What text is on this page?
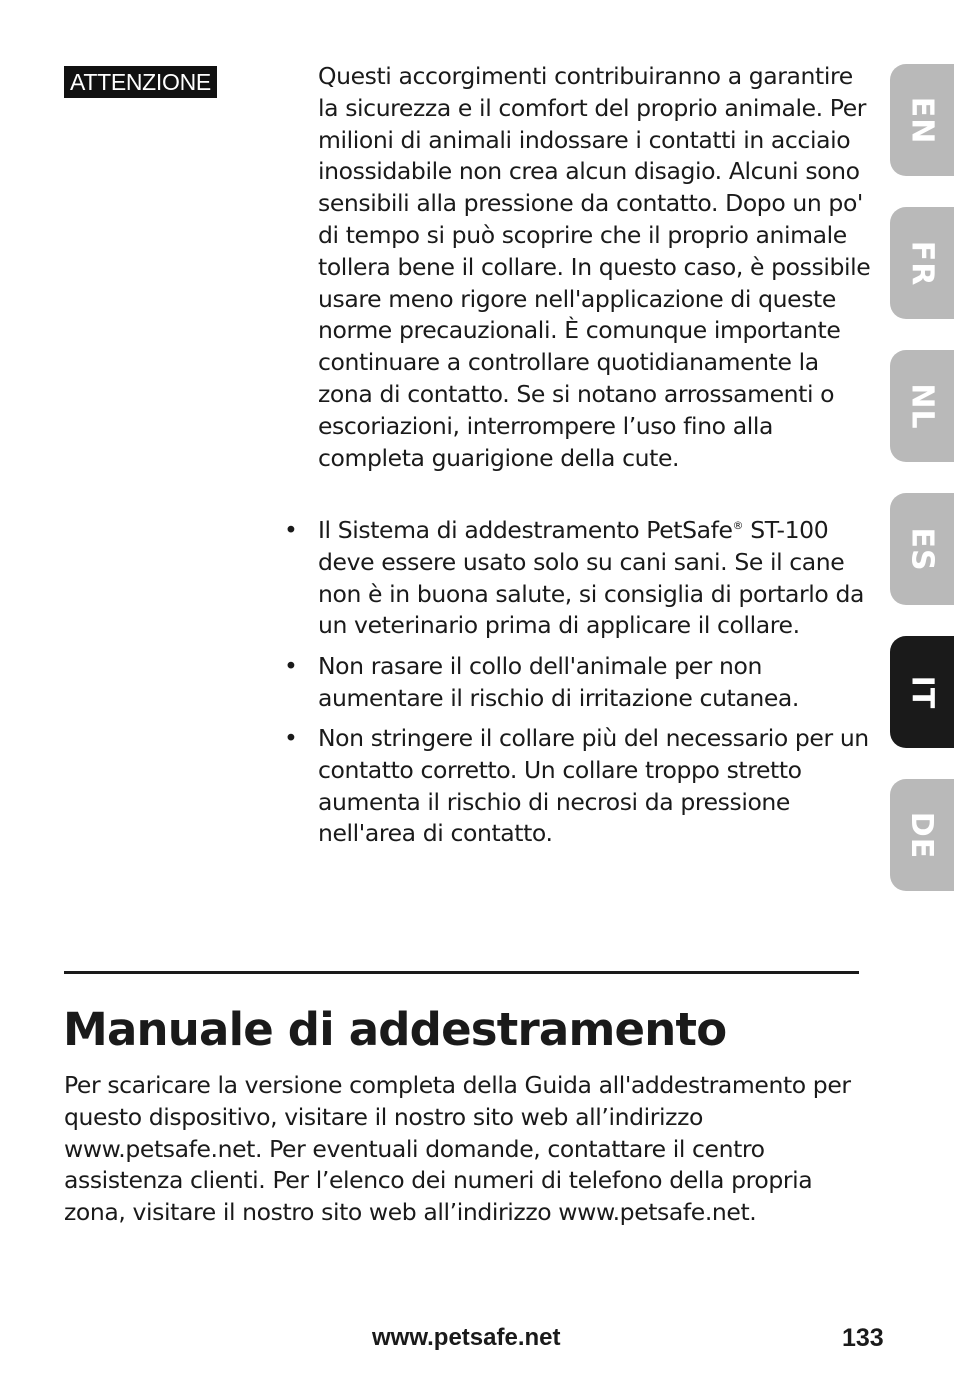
ATTENZIONE	Questi accorgimenti contribuiranno a garantire la sicurezza e il comfort del proprio animale. Per milioni di animali indossare i contatti in acciaio inossidabile non crea alcun disagio. Alcuni sono sensibili alla pressione da contatto. Dopo un po' di tempo si può scoprire che il proprio animale tollera bene il collare. In questo caso, è possibile usare meno rigore nell'applicazione di queste norme precauzionali. È comunque importante continuare a controllare quotidianamente la zona di contatto. Se si notano arrossamenti o escoriazioni, interrompere l’uso fino alla completa guarigione della cute.

• Il Sistema di addestramento PetSafe® ST-100 deve essere usato solo su cani sani. Se il cane non è in buona salute, si consiglia di portarlo da un veterinario prima di applicare il collare.
• Non rasare il collo dell'animale per non aumentare il rischio di irritazione cutanea.
• Non stringere il collare più del necessario per un contatto corretto. Un collare troppo stretto aumenta il rischio di necrosi da pressione nell'area di contatto.
Manuale di addestramento

Per scaricare la versione completa della Guida all'addestramento per questo dispositivo, visitare il nostro sito web all’indirizzo www.petsafe.net. Per eventuali domande, contattare il centro assistenza clienti. Per l’elenco dei numeri di telefono della propria zona, visitare il nostro sito web all’indirizzo www.petsafe.net.

www.petsafe.net	133
EN
FR
NL
ES
IT
DE
